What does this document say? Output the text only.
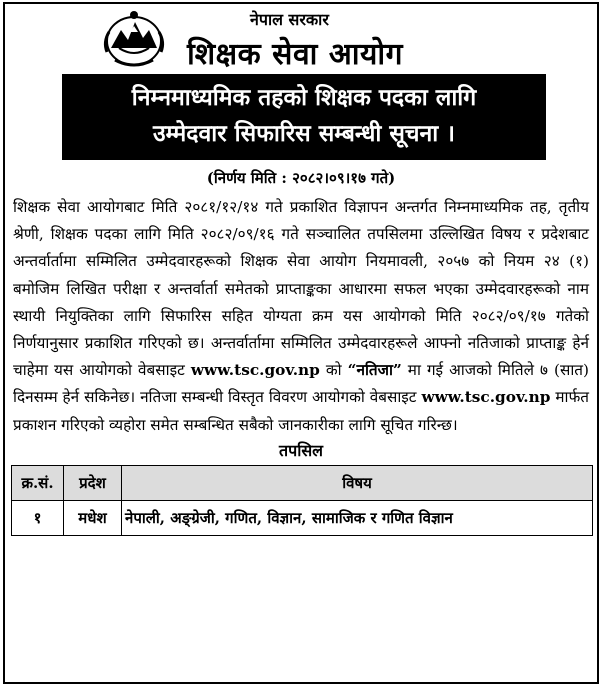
नेपाल सरकार
शिक्षक सेवा आयोग
निम्नमाध्यमिक तहको शिक्षक पदका लागि
उम्मेदवार सिफारिस सम्बन्धी सूचना ।
(निर्णय मिति : २०८२।०९।१७ गते)
शिक्षक सेवा आयोगबाट मिति २०८१/१२/१४ गते प्रकाशित विज्ञापन अन्तर्गत निम्नमाध्यमिक तह, तृतीय श्रेणी, शिक्षक पदका लागि मिति २०८२/०९/१६ गते सञ्चालित तपसिलमा उल्लिखित विषय र प्रदेशबाट अन्तर्वार्तामा सम्मिलित उम्मेदवारहरूको शिक्षक सेवा आयोग नियमावली, २०५७ को नियम २४ (१) बमोजिम लिखित परीक्षा र अन्तर्वार्ता समेतको प्राप्ताङ्कका आधारमा सफल भएका उम्मेदवारहरूको नाम स्थायी नियुक्तिका लागि सिफारिस सहित योग्यता क्रम यस आयोगको मिति २०८२/०९/१७ गतेको निर्णयानुसार प्रकाशित गरिएको छ। अन्तर्वार्तामा सम्मिलित उम्मेदवारहरूले आफ्नो नतिजाको प्राप्ताङ्क हेर्न चाहेमा यस आयोगको वेबसाइट www.tsc.gov.np को “नतिजा” मा गई आजको मितिले ७ (सात) दिनसम्म हेर्न सकिनेछ। नतिजा सम्बन्धी विस्तृत विवरण आयोगको वेबसाइट www.tsc.gov.np मार्फत प्रकाशन गरिएको व्यहोरा समेत सम्बन्धित सबैको जानकारीका लागि सूचित गरिन्छ।
तपसिल
क्र.सं.	प्रदेश	विषय
१	मधेश	नेपाली, अङ्ग्रेजी, गणित, विज्ञान, सामाजिक र गणित विज्ञान
